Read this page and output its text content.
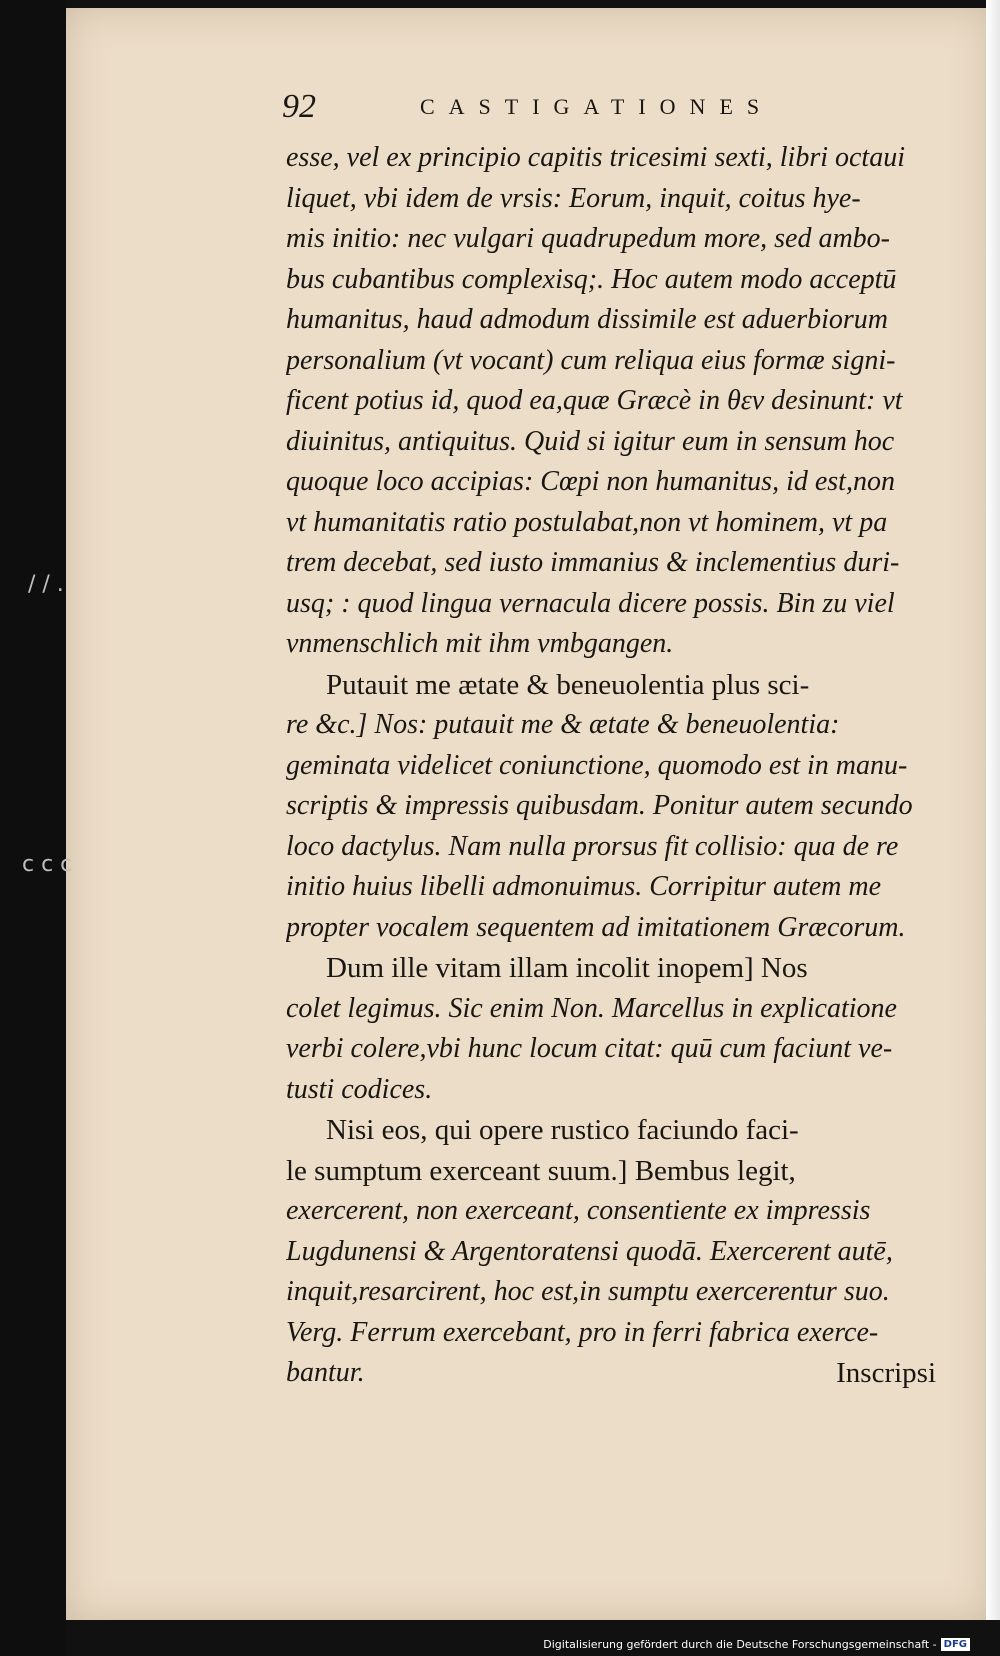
/ / .
c c c
92	CASTIGATIONES
esse, vel ex principio capitis tricesimi sexti, libri octaui
liquet, vbi idem de vrsis: Eorum, inquit, coitus hye-
mis initio: nec vulgari quadrupedum more, sed ambo-
bus cubantibus complexisq;. Hoc autem modo acceptū
humanitus, haud admodum dissimile est aduerbiorum
personalium (vt vocant) cum reliqua eius formæ signi-
ficent potius id, quod ea,quæ Græcè in θεν desinunt: vt
diuinitus, antiquitus. Quid si igitur eum in sensum hoc
quoque loco accipias: Cœpi non humanitus, id est,non
vt humanitatis ratio postulabat,non vt hominem, vt pa
trem decebat, sed iusto immanius & inclementius duri-
usq; : quod lingua vernacula dicere possis. Bin zu viel
vnmenschlich mit ihm vmbgangen.
Putauit me ætate & beneuolentia plus sci-
re &c.] Nos: putauit me & ætate & beneuolentia:
geminata videlicet coniunctione, quomodo est in manu-
scriptis & impressis quibusdam. Ponitur autem secundo
loco dactylus. Nam nulla prorsus fit collisio: qua de re
initio huius libelli admonuimus. Corripitur autem me
propter vocalem sequentem ad imitationem Græcorum.
Dum ille vitam illam incolit inopem] Nos
colet legimus. Sic enim Non. Marcellus in explicatione
verbi colere,vbi hunc locum citat: quū cum faciunt ve-
tusti codices.
Nisi eos, qui opere rustico faciundo faci-
le sumptum exerceant suum.] Bembus legit,
exercerent, non exerceant, consentiente ex impressis
Lugdunensi & Argentoratensi quodā. Exercerent autē,
inquit,resarcirent, hoc est,in sumptu exercerentur suo.
Verg. Ferrum exercebant, pro in ferri fabrica exerce-
bantur.	Inscripsi
Digitalisierung gefördert durch die Deutsche Forschungsgemeinschaft - DFG
